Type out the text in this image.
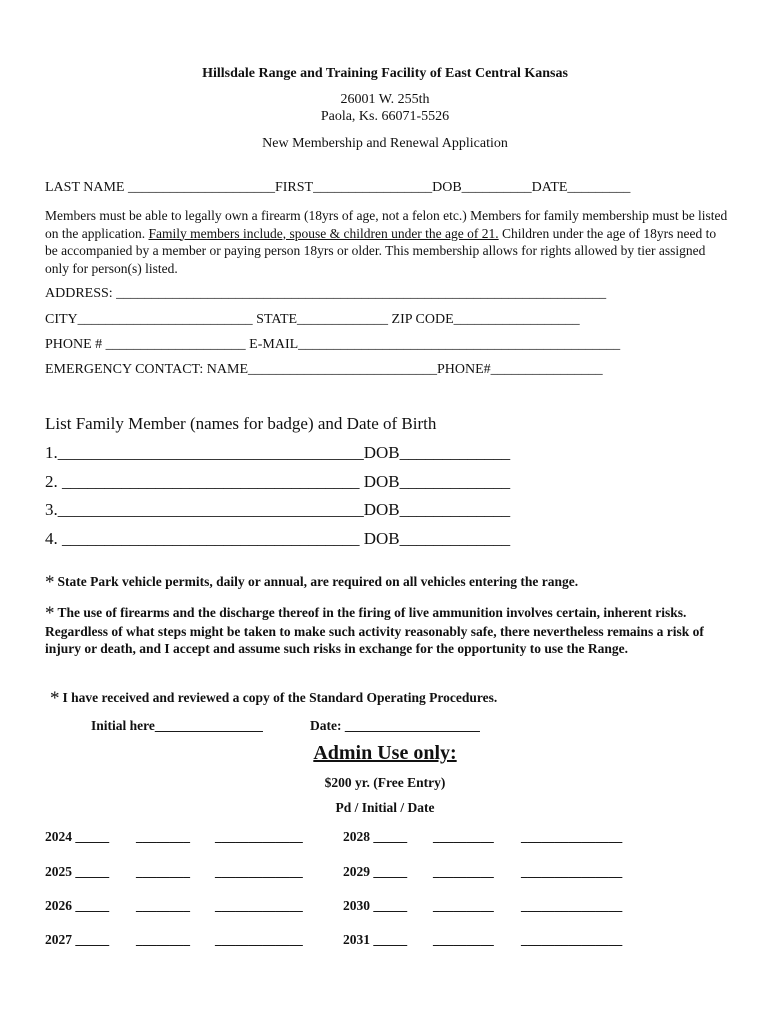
Hillsdale Range and Training Facility of East Central Kansas
26001 W. 255th
Paola, Ks. 66071-5526
New Membership and Renewal Application
LAST NAME _____________________FIRST_________________DOB__________DATE_________
Members must be able to legally own a firearm (18yrs of age, not a felon etc.) Members for family membership must be listed on the application. Family members include, spouse & children under the age of 21. Children under the age of 18yrs need to be accompanied by a member or paying person 18yrs or older. This membership allows for rights allowed by tier assigned only for person(s) listed.
ADDRESS: ______________________________________________________________________
CITY_________________________ STATE_____________ ZIP CODE__________________
PHONE # ____________________ E-MAIL______________________________________________
EMERGENCY CONTACT: NAME___________________________PHONE#________________
List Family Member (names for badge) and Date of Birth
1.____________________________________DOB_____________
2. ___________________________________ DOB_____________
3.____________________________________DOB_____________
4. ___________________________________ DOB_____________
* State Park vehicle permits, daily or annual, are required on all vehicles entering the range.
* The use of firearms and the discharge thereof in the firing of live ammunition involves certain, inherent risks. Regardless of what steps might be taken to make such activity reasonably safe, there nevertheless remains a risk of injury or death, and I accept and assume such risks in exchange for the opportunity to use the Range.
* I have received and reviewed a copy of the Standard Operating Procedures.
Initial here________________	Date: ____________________
Admin Use only:
$200 yr. (Free Entry)
Pd / Initial / Date
2024 _____ ________ _____________	2028 _____ _________ _______________
2025 _____ ________ _____________	2029 _____ _________ _______________
2026 _____ ________ _____________	2030 _____ _________ _______________
2027 _____ ________ _____________	2031 _____ _________ _______________
